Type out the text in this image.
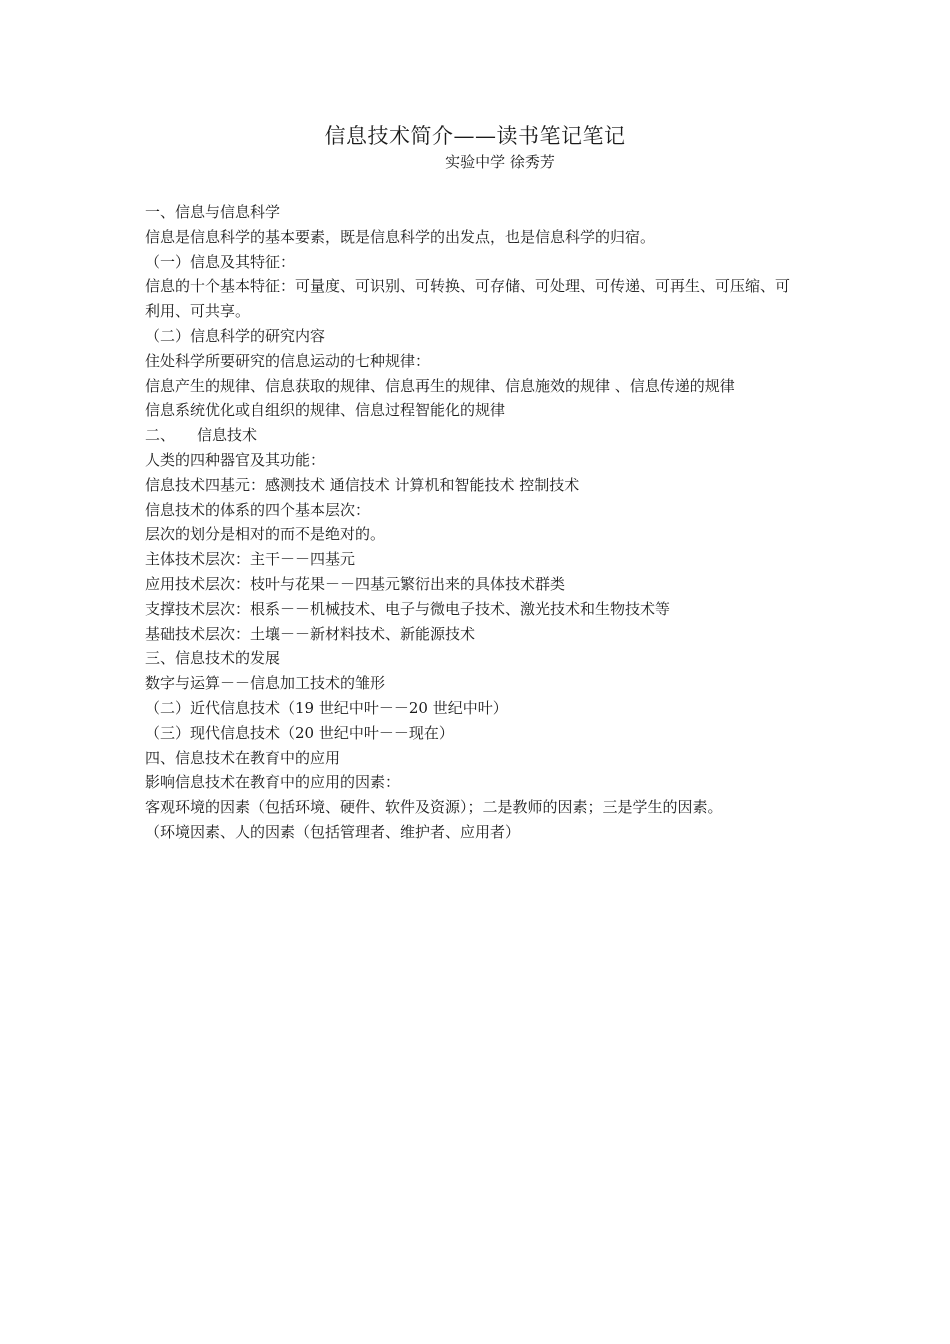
信息技术简介——读书笔记笔记
实验中学 徐秀芳
一、信息与信息科学
信息是信息科学的基本要素，既是信息科学的出发点，也是信息科学的归宿。
（一）信息及其特征：
信息的十个基本特征：可量度、可识别、可转换、可存储、可处理、可传递、可再生、可压缩、可
利用、可共享。
（二）信息科学的研究内容
住处科学所要研究的信息运动的七种规律：
信息产生的规律、信息获取的规律、信息再生的规律、信息施效的规律 、信息传递的规律
信息系统优化或自组织的规律、信息过程智能化的规律
二、 信息技术
人类的四种器官及其功能：
信息技术四基元：感测技术 通信技术 计算机和智能技术 控制技术
信息技术的体系的四个基本层次：
层次的划分是相对的而不是绝对的。
主体技术层次：主干－－四基元
应用技术层次：枝叶与花果－－四基元繁衍出来的具体技术群类
支撑技术层次：根系－－机械技术、电子与微电子技术、激光技术和生物技术等
基础技术层次：土壤－－新材料技术、新能源技术
三、信息技术的发展
数字与运算－－信息加工技术的雏形
（二）近代信息技术（19 世纪中叶－－20 世纪中叶）
（三）现代信息技术（20 世纪中叶－－现在）
四、信息技术在教育中的应用
影响信息技术在教育中的应用的因素：
客观环境的因素（包括环境、硬件、软件及资源）；二是教师的因素；三是学生的因素。
（环境因素、人的因素（包括管理者、维护者、应用者）
